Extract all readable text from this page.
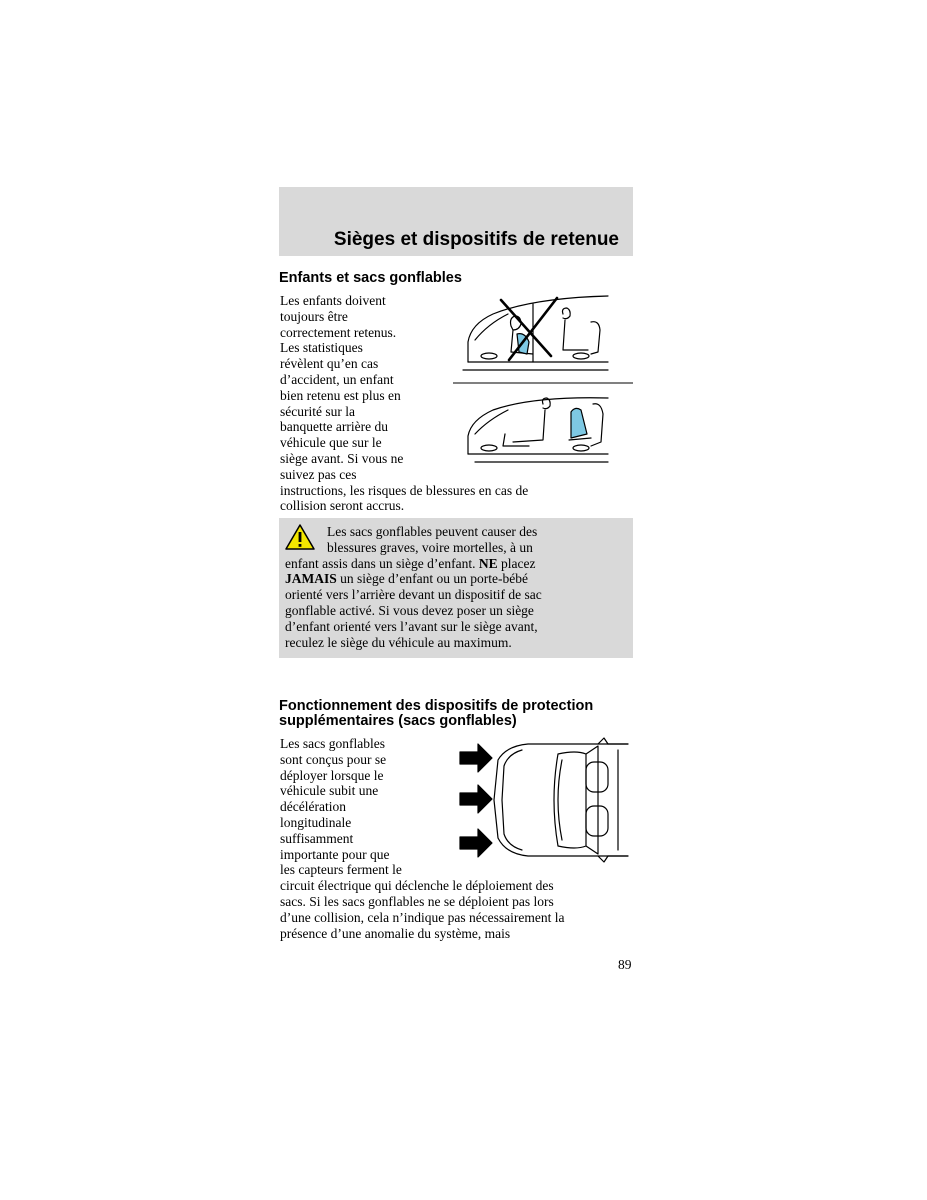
Sièges et dispositifs de retenue
Enfants et sacs gonflables

Les enfants doivent
toujours être
correctement retenus.
Les statistiques
révèlent qu’en cas
d’accident, un enfant
bien retenu est plus en
sécurité sur la
banquette arrière du
véhicule que sur le
siège avant. Si vous ne
suivez pas ces
instructions, les risques de blessures en cas de
collision seront accrus.

Les sacs gonflables peuvent causer des
blessures graves, voire mortelles, à un
enfant assis dans un siège d’enfant. NE placez
JAMAIS un siège d’enfant ou un porte-bébé
orienté vers l’arrière devant un dispositif de sac
gonflable activé. Si vous devez poser un siège
d’enfant orienté vers l’avant sur le siège avant,
reculez le siège du véhicule au maximum.

Fonctionnement des dispositifs de protection
supplémentaires (sacs gonflables)

Les sacs gonflables
sont conçus pour se
déployer lorsque le
véhicule subit une
décélération
longitudinale
suffisamment
importante pour que
les capteurs ferment le
circuit électrique qui déclenche le déploiement des
sacs. Si les sacs gonflables ne se déploient pas lors
d’une collision, cela n’indique pas nécessairement la
présence d’une anomalie du système, mais

89
